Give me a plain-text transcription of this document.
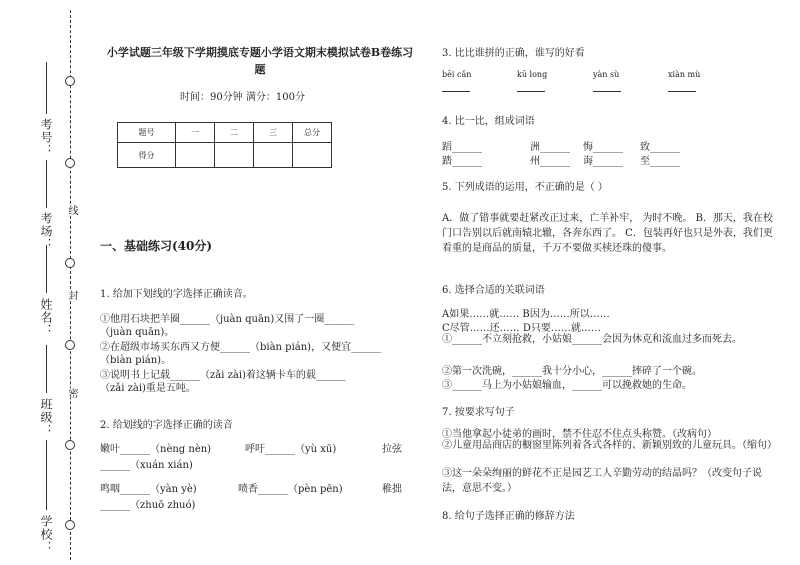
考号：
考场：
姓名：
班级：
学校：
线
封
密
小学试题三年级下学期摸底专题小学语文期末模拟试卷B卷练习
题
时间：90分钟 满分：100分
题号	一	二	三	总分
得分				
一、基础练习(40分)
1. 给加下划线的字选择正确读音。
①他用石块把羊圈______（juàn quān)又围了一圈______
（juàn quān)。
②在超级市场买东西又方便______（biàn pián)，又便宜______
（biàn pián)。
③说明书上记载______（zǎi zài)着这辆卡车的载______
（zǎi zài)重是五吨。
2. 给划线的字选择正确的读音
嫩叶______（nèng nèn)	呼吁______（yù xū)	拉弦
______（xuán xián)
鸣咽______（yàn yè)	喷香______（pèn pēn)	稚拙
______（zhuō zhuó)
3. 比比谁拼的正确，谁写的好看
bēi cǎn	kū long	yàn sù	xiàn mù
4. 比一比，组成词语
蹈______	洲______ 悔______ 致______
踏______	州______ 诲______ 至______
5. 下列成语的运用，不正确的是（ ）
A．做了错事就要赶紧改正过来，亡羊补牢， 为时不晚。 B．那天，我在校门口告别以后就南辕北辙，各奔东西了。 C．包装再好也只是外表，我们更看重的是商品的质量，千万不要做买椟还珠的傻事。
6. 选择合适的关联词语
A如果……就…… B因为……所以……
C尽管……还…… D只要……就……
①______不立刻抢救，小姑娘______会因为休克和流血过多而死去。
②第一次洗碗，______我十分小心，______摔碎了一个碗。
③______马上为小姑娘输血，______可以挽救她的生命。
7. 按要求写句子
①当他拿起小徒弟的画时，禁不住忍不住点头称赞。（改病句）
②儿童用品商店的橱窗里陈列着各式各样的、新颖别致的儿童玩具。（缩句）
③这一朵朵绚丽的鲜花不正是园艺工人辛勤劳动的结晶吗？（改变句子说法，意思不变。）
8. 给句子选择正确的修辞方法
